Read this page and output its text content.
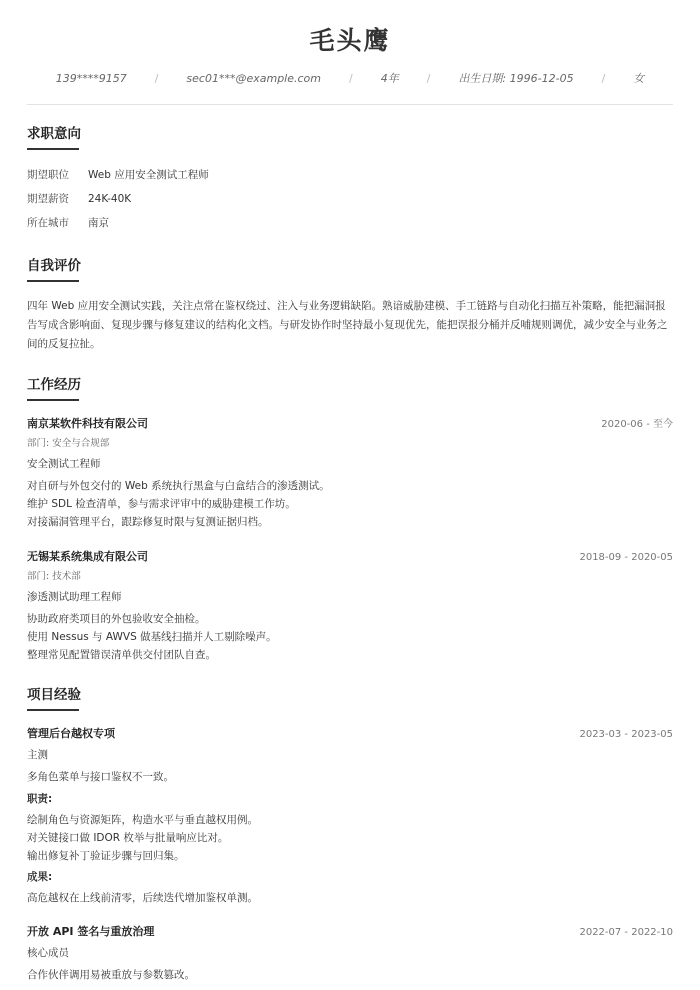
毛头鹰
139****9157	/	sec01***@example.com	/	4年	/	出生日期: 1996-12-05	/	女
求职意向
期望职位	Web 应用安全测试工程师
期望薪资	24K-40K
所在城市	南京
自我评价
四年 Web 应用安全测试实践，关注点常在鉴权绕过、注入与业务逻辑缺陷。熟谙威胁建模、手工链路与自动化扫描互补策略，能把漏洞报
告写成含影响面、复现步骤与修复建议的结构化文档。与研发协作时坚持最小复现优先，能把误报分桶并反哺规则调优，减少安全与业务之
间的反复拉扯。
工作经历
南京某软件科技有限公司	2020-06 - 至今
部门: 安全与合规部
安全测试工程师
对自研与外包交付的 Web 系统执行黑盒与白盒结合的渗透测试。
维护 SDL 检查清单，参与需求评审中的威胁建模工作坊。
对接漏洞管理平台，跟踪修复时限与复测证据归档。
无锡某系统集成有限公司	2018-09 - 2020-05
部门: 技术部
渗透测试助理工程师
协助政府类项目的外包验收安全抽检。
使用 Nessus 与 AWVS 做基线扫描并人工剔除噪声。
整理常见配置错误清单供交付团队自查。
项目经验
管理后台越权专项	2023-03 - 2023-05
主测
多角色菜单与接口鉴权不一致。
职责:
绘制角色与资源矩阵，构造水平与垂直越权用例。
对关键接口做 IDOR 枚举与批量响应比对。
输出修复补丁验证步骤与回归集。
成果:
高危越权在上线前清零，后续迭代增加鉴权单测。
开放 API 签名与重放治理	2022-07 - 2022-10
核心成员
合作伙伴调用易被重放与参数篡改。
